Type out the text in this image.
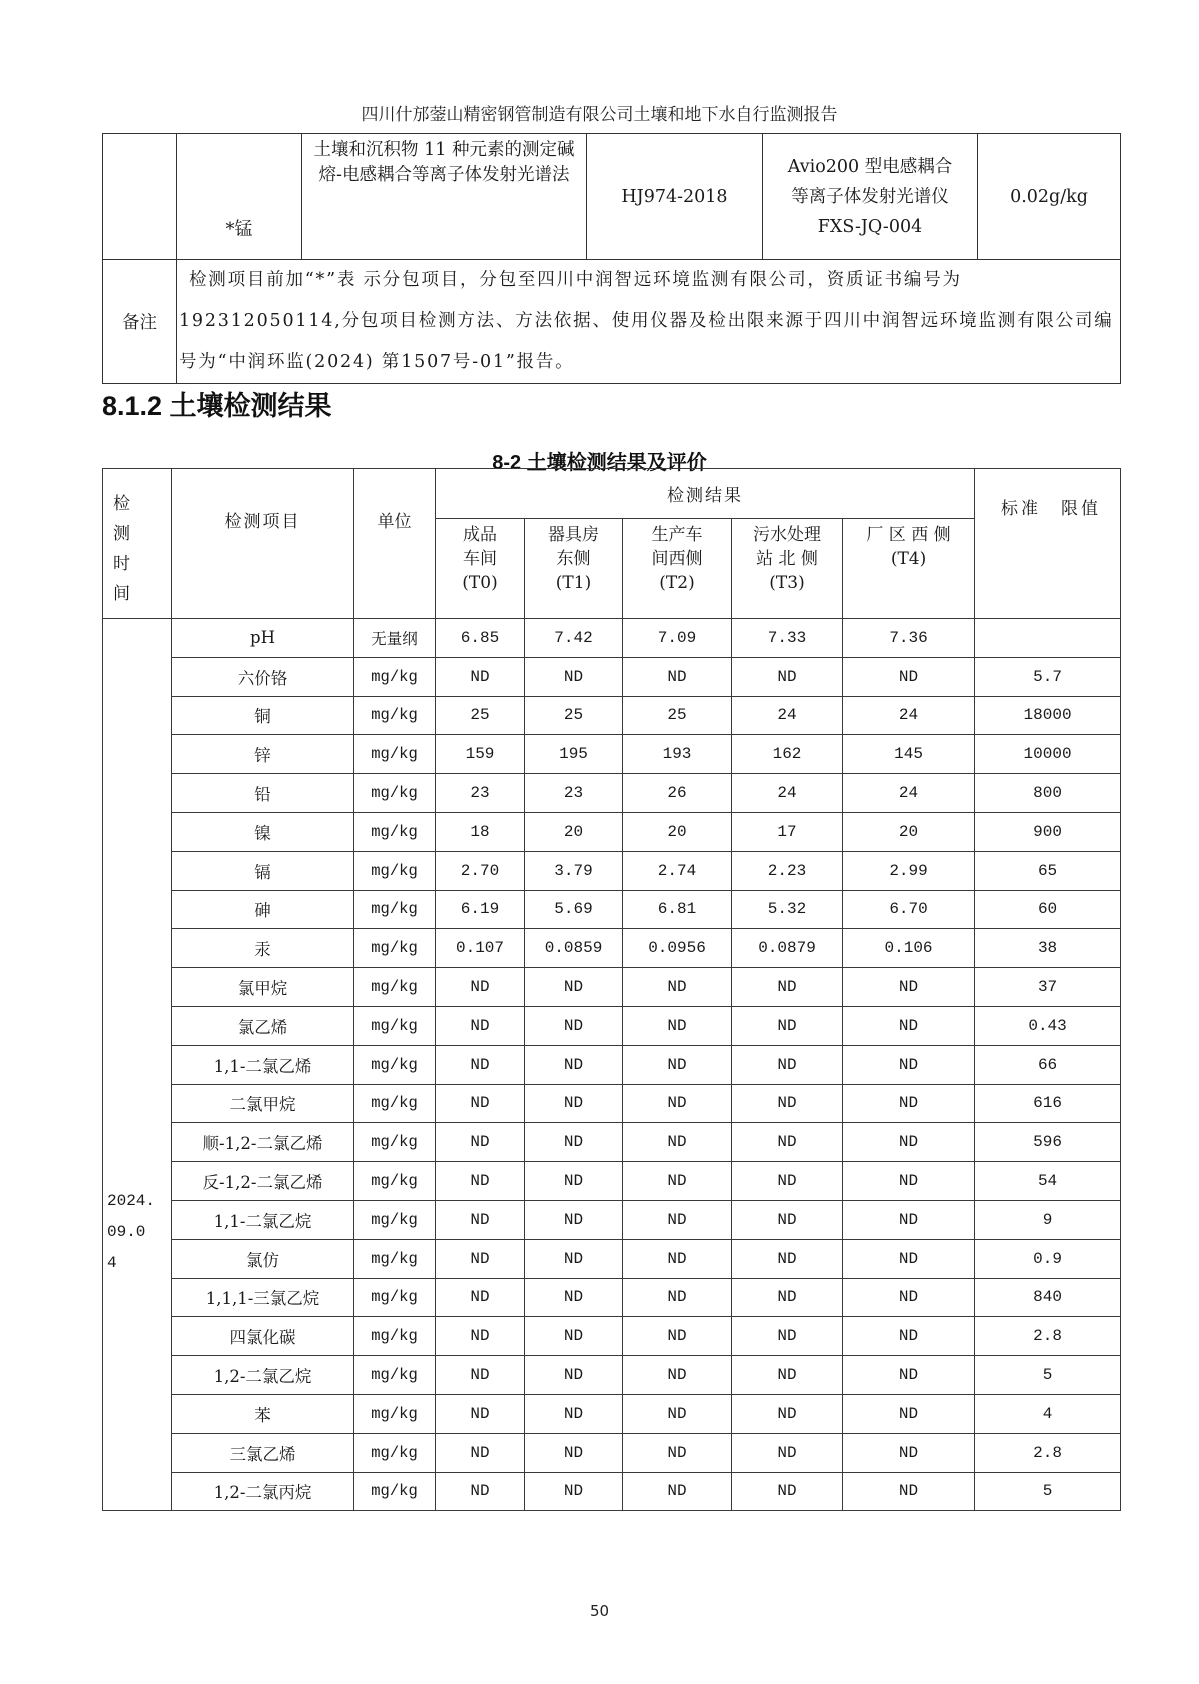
四川什邡蓥山精密钢管制造有限公司土壤和地下水自行监测报告
	*锰	土壤和沉积物 11 种元素的测定碱熔-电感耦合等离子体发射光谱法	HJ974-2018	
Avio200 型电感耦合
等离子体发射光谱仪
FXS-JQ-004
	0.02g/kg
备注	检测项目前加“*”表 示分包项目，分包至四川中润智远环境监测有限公司，资质证书编号为192312050114,分包项目检测方法、方法依据、使用仪器及检出限来源于四川中润智远环境监测有限公司编号为“中润环监(2024) 第1507号-01”报告。
8.1.2 土壤检测结果
8-2 土壤检测结果及评价
检
测
时
间
	检测项目	单位	检测结果	标准　限值

成品
车间
(T0)

器具房
东侧
(T1)

生产车
间西侧
(T2)

污水处理
站 北 侧
(T3)

厂 区 西 侧
(T4)

2024.
09.0
4
	pH	无量纲	6.85	7.42	7.09	7.33	7.36	
六价铬	mg/kg	ND	ND	ND	ND	ND	5.7
铜	mg/kg	25	25	25	24	24	18000
锌	mg/kg	159	195	193	162	145	10000
铅	mg/kg	23	23	26	24	24	800
镍	mg/kg	18	20	20	17	20	900
镉	mg/kg	2.70	3.79	2.74	2.23	2.99	65
砷	mg/kg	6.19	5.69	6.81	5.32	6.70	60
汞	mg/kg	0.107	0.0859	0.0956	0.0879	0.106	38
氯甲烷	mg/kg	ND	ND	ND	ND	ND	37
氯乙烯	mg/kg	ND	ND	ND	ND	ND	0.43
1,1-二氯乙烯	mg/kg	ND	ND	ND	ND	ND	66
二氯甲烷	mg/kg	ND	ND	ND	ND	ND	616
顺-1,2-二氯乙烯	mg/kg	ND	ND	ND	ND	ND	596
反-1,2-二氯乙烯	mg/kg	ND	ND	ND	ND	ND	54
1,1-二氯乙烷	mg/kg	ND	ND	ND	ND	ND	9
氯仿	mg/kg	ND	ND	ND	ND	ND	0.9
1,1,1-三氯乙烷	mg/kg	ND	ND	ND	ND	ND	840
四氯化碳	mg/kg	ND	ND	ND	ND	ND	2.8
1,2-二氯乙烷	mg/kg	ND	ND	ND	ND	ND	5
苯	mg/kg	ND	ND	ND	ND	ND	4
三氯乙烯	mg/kg	ND	ND	ND	ND	ND	2.8
1,2-二氯丙烷	mg/kg	ND	ND	ND	ND	ND	5
50
